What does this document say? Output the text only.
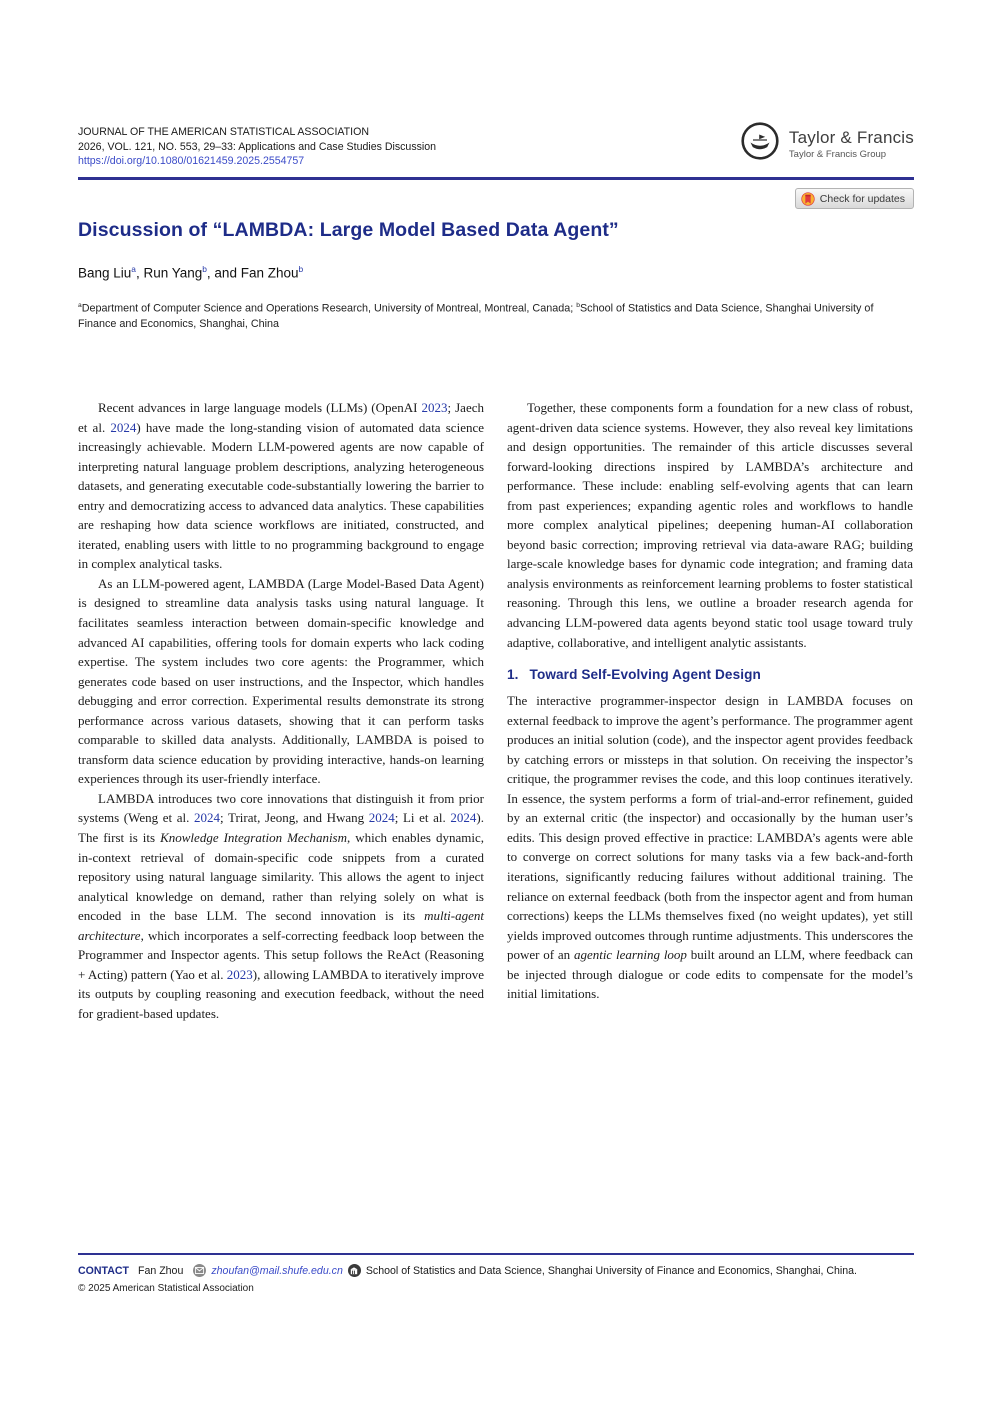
JOURNAL OF THE AMERICAN STATISTICAL ASSOCIATION
2026, VOL. 121, NO. 553, 29–33: Applications and Case Studies Discussion
https://doi.org/10.1080/01621459.2025.2554757
Taylor & Francis
Taylor & Francis Group
Check for updates
Discussion of “LAMBDA: Large Model Based Data Agent”
Bang Liu$^a$, Run Yang$^b$, and Fan Zhou$^b$
$^a$Department of Computer Science and Operations Research, University of Montreal, Montreal, Canada; $^b$School of Statistics and Data Science, Shanghai University of Finance and Economics, Shanghai, China

Recent advances in large language models (LLMs) (OpenAI 2023; Jaech et al. 2024) have made the long-standing vision of automated data science increasingly achievable. Modern LLM-powered agents are now capable of interpreting natural language problem descriptions, analyzing heterogeneous datasets, and generating executable code-substantially lowering the barrier to entry and democratizing access to advanced data analytics. These capabilities are reshaping how data science workflows are initiated, constructed, and iterated, enabling users with little to no programming background to engage in complex analytical tasks.

As an LLM-powered agent, LAMBDA (Large Model-Based Data Agent) is designed to streamline data analysis tasks using natural language. It facilitates seamless interaction between domain-specific knowledge and advanced AI capabilities, offering tools for domain experts who lack coding expertise. The system includes two core agents: the Programmer, which generates code based on user instructions, and the Inspector, which handles debugging and error correction. Experimental results demonstrate its strong performance across various datasets, showing that it can perform tasks comparable to skilled data analysts. Additionally, LAMBDA is poised to transform data science education by providing interactive, hands-on learning experiences through its user-friendly interface.

LAMBDA introduces two core innovations that distinguish it from prior systems (Weng et al. 2024; Trirat, Jeong, and Hwang 2024; Li et al. 2024). The first is its Knowledge Integration Mechanism, which enables dynamic, in-context retrieval of domain-specific code snippets from a curated repository using natural language similarity. This allows the agent to inject analytical knowledge on demand, rather than relying solely on what is encoded in the base LLM. The second innovation is its multi-agent architecture, which incorporates a self-correcting feedback loop between the Programmer and Inspector agents. This setup follows the ReAct (Reasoning + Acting) pattern (Yao et al. 2023), allowing LAMBDA to iteratively improve its outputs by coupling reasoning and execution feedback, without the need for gradient-based updates.

Together, these components form a foundation for a new class of robust, agent-driven data science systems. However, they also reveal key limitations and design opportunities. The remainder of this article discusses several forward-looking directions inspired by LAMBDA’s architecture and performance. These include: enabling self-evolving agents that can learn from past experiences; expanding agentic roles and workflows to handle more complex analytical pipelines; deepening human-AI collaboration beyond basic correction; improving retrieval via data-aware RAG; building large-scale knowledge bases for dynamic code integration; and framing data analysis environments as reinforcement learning problems to foster statistical reasoning. Through this lens, we outline a broader research agenda for advancing LLM-powered data agents beyond static tool usage toward truly adaptive, collaborative, and intelligent analytic assistants.

1. Toward Self-Evolving Agent Design

The interactive programmer-inspector design in LAMBDA focuses on external feedback to improve the agent’s performance. The programmer agent produces an initial solution (code), and the inspector agent provides feedback by catching errors or missteps in that solution. On receiving the inspector’s critique, the programmer revises the code, and this loop continues iteratively. In essence, the system performs a form of trial-and-error refinement, guided by an external critic (the inspector) and occasionally by the human user’s edits. This design proved effective in practice: LAMBDA’s agents were able to converge on correct solutions for many tasks via a few back-and-forth iterations, significantly reducing failures without additional training. The reliance on external feedback (both from the inspector agent and from human corrections) keeps the LLMs themselves fixed (no weight updates), yet still yields improved outcomes through runtime adjustments. This underscores the power of an agentic learning loop built around an LLM, where feedback can be injected through dialogue or code edits to compensate for the model’s initial limitations.

CONTACT Fan Zhou	zhoufan@mail.shufe.edu.cn School of Statistics and Data Science, Shanghai University of Finance and Economics, Shanghai, China.
© 2025 American Statistical Association
